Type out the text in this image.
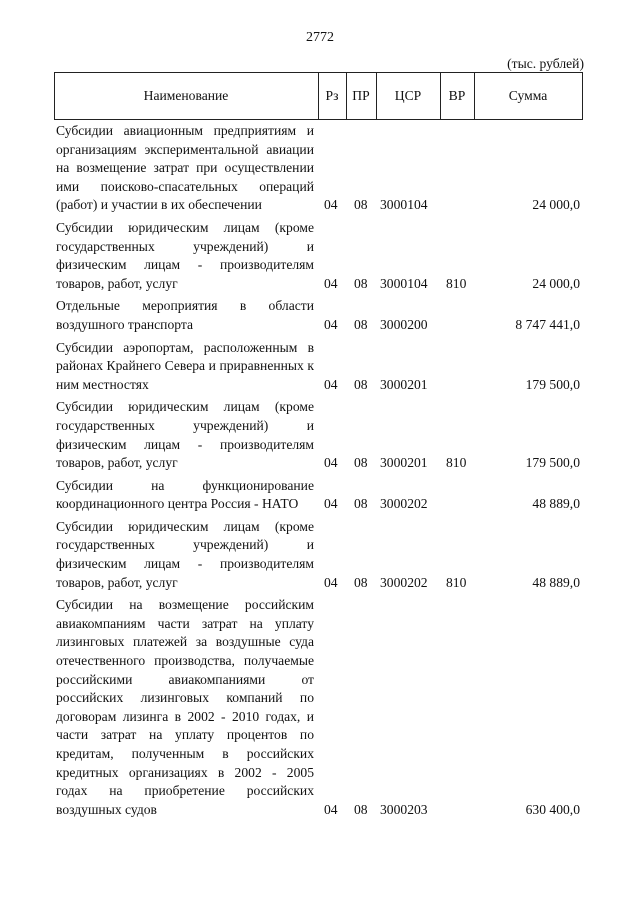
2772
(тыс. рублей)
Наименование	Рз	ПР	ЦСР	ВР	Сумма
Субсидии авиационным предприятиям и организациям экспериментальной авиации на возмещение затрат при осуществлении ими поисково-спасательных операций (работ) и участии в их обеспечении	04 08 3000104	24 000,0
Субсидии юридическим лицам (кроме государственных учреждений) и физическим лицам - производителям товаров, работ, услуг	04 08 3000104 810	24 000,0
Отдельные мероприятия в области воздушного транспорта	04 08 3000200	8 747 441,0
Субсидии аэропортам, расположенным в районах Крайнего Севера и приравненных к ним местностях	04 08 3000201	179 500,0
Субсидии юридическим лицам (кроме государственных учреждений) и физическим лицам - производителям товаров, работ, услуг	04 08 3000201 810	179 500,0
Субсидии на функционирование координационного центра Россия - НАТО	04 08 3000202	48 889,0
Субсидии юридическим лицам (кроме государственных учреждений) и физическим лицам - производителям товаров, работ, услуг	04 08 3000202 810	48 889,0
Субсидии на возмещение российским авиакомпаниям части затрат на уплату лизинговых платежей за воздушные суда отечественного производства, получаемые российскими авиакомпаниями от российских лизинговых компаний по договорам лизинга в 2002 - 2010 годах, и части затрат на уплату процентов по кредитам, полученным в российских кредитных организациях в 2002 - 2005 годах на приобретение российских воздушных судов	04 08 3000203	630 400,0
